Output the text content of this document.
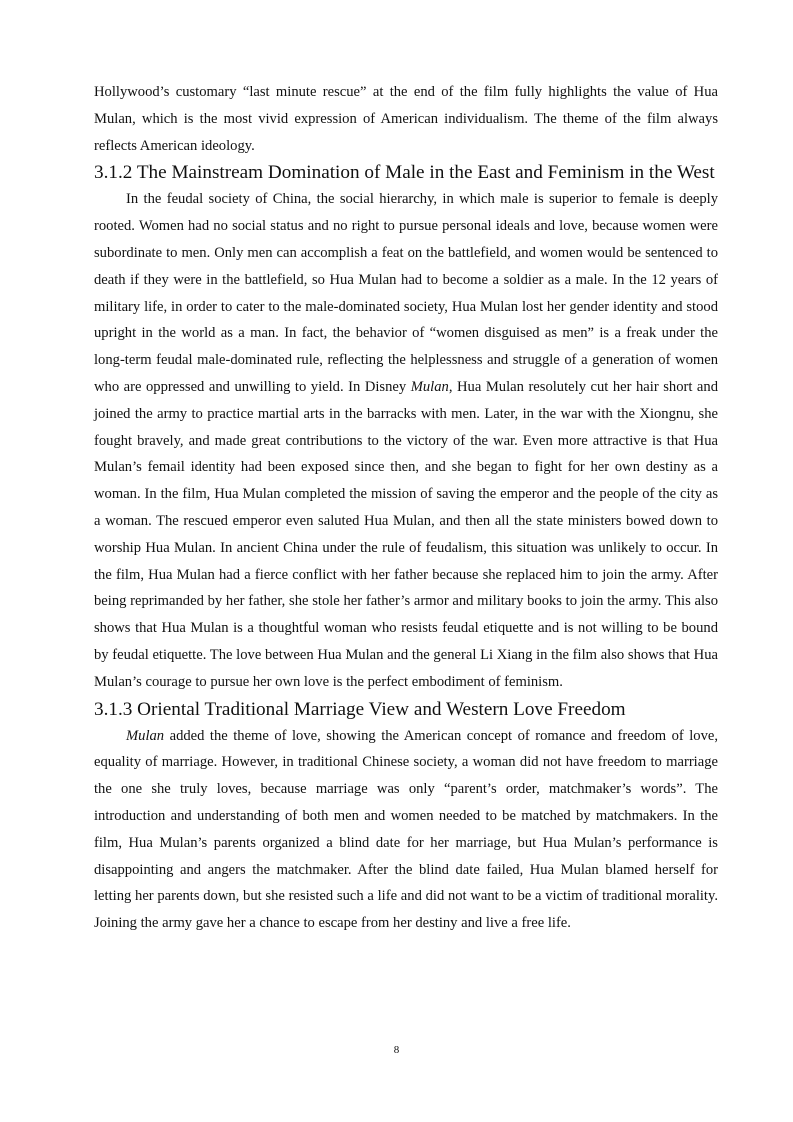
Hollywood’s customary “last minute rescue” at the end of the film fully highlights the value of Hua Mulan, which is the most vivid expression of American individualism. The theme of the film always reflects American ideology.

3.1.2 The Mainstream Domination of Male in the East and Feminism in the West

In the feudal society of China, the social hierarchy, in which male is superior to female is deeply rooted. Women had no social status and no right to pursue personal ideals and love, because women were subordinate to men. Only men can accomplish a feat on the battlefield, and women would be sentenced to death if they were in the battlefield, so Hua Mulan had to become a soldier as a male. In the 12 years of military life, in order to cater to the male-dominated society, Hua Mulan lost her gender identity and stood upright in the world as a man. In fact, the behavior of “women disguised as men” is a freak under the long-term feudal male-dominated rule, reflecting the helplessness and struggle of a generation of women who are oppressed and unwilling to yield. In Disney Mulan, Hua Mulan resolutely cut her hair short and joined the army to practice martial arts in the barracks with men. Later, in the war with the Xiongnu, she fought bravely, and made great contributions to the victory of the war. Even more attractive is that Hua Mulan’s femail identity had been exposed since then, and she began to fight for her own destiny as a woman. In the film, Hua Mulan completed the mission of saving the emperor and the people of the city as a woman. The rescued emperor even saluted Hua Mulan, and then all the state ministers bowed down to worship Hua Mulan. In ancient China under the rule of feudalism, this situation was unlikely to occur. In the film, Hua Mulan had a fierce conflict with her father because she replaced him to join the army. After being reprimanded by her father, she stole her father’s armor and military books to join the army. This also shows that Hua Mulan is a thoughtful woman who resists feudal etiquette and is not willing to be bound by feudal etiquette. The love between Hua Mulan and the general Li Xiang in the film also shows that Hua Mulan’s courage to pursue her own love is the perfect embodiment of feminism.

3.1.3 Oriental Traditional Marriage View and Western Love Freedom

Mulan added the theme of love, showing the American concept of romance and freedom of love, equality of marriage. However, in traditional Chinese society, a woman did not have freedom to marriage the one she truly loves, because marriage was only “parent’s order, matchmaker’s words”. The introduction and understanding of both men and women needed to be matched by matchmakers. In the film, Hua Mulan’s parents organized a blind date for her marriage, but Hua Mulan’s performance is disappointing and angers the matchmaker. After the blind date failed, Hua Mulan blamed herself for letting her parents down, but she resisted such a life and did not want to be a victim of traditional morality. Joining the army gave her a chance to escape from her destiny and live a free life.

8
